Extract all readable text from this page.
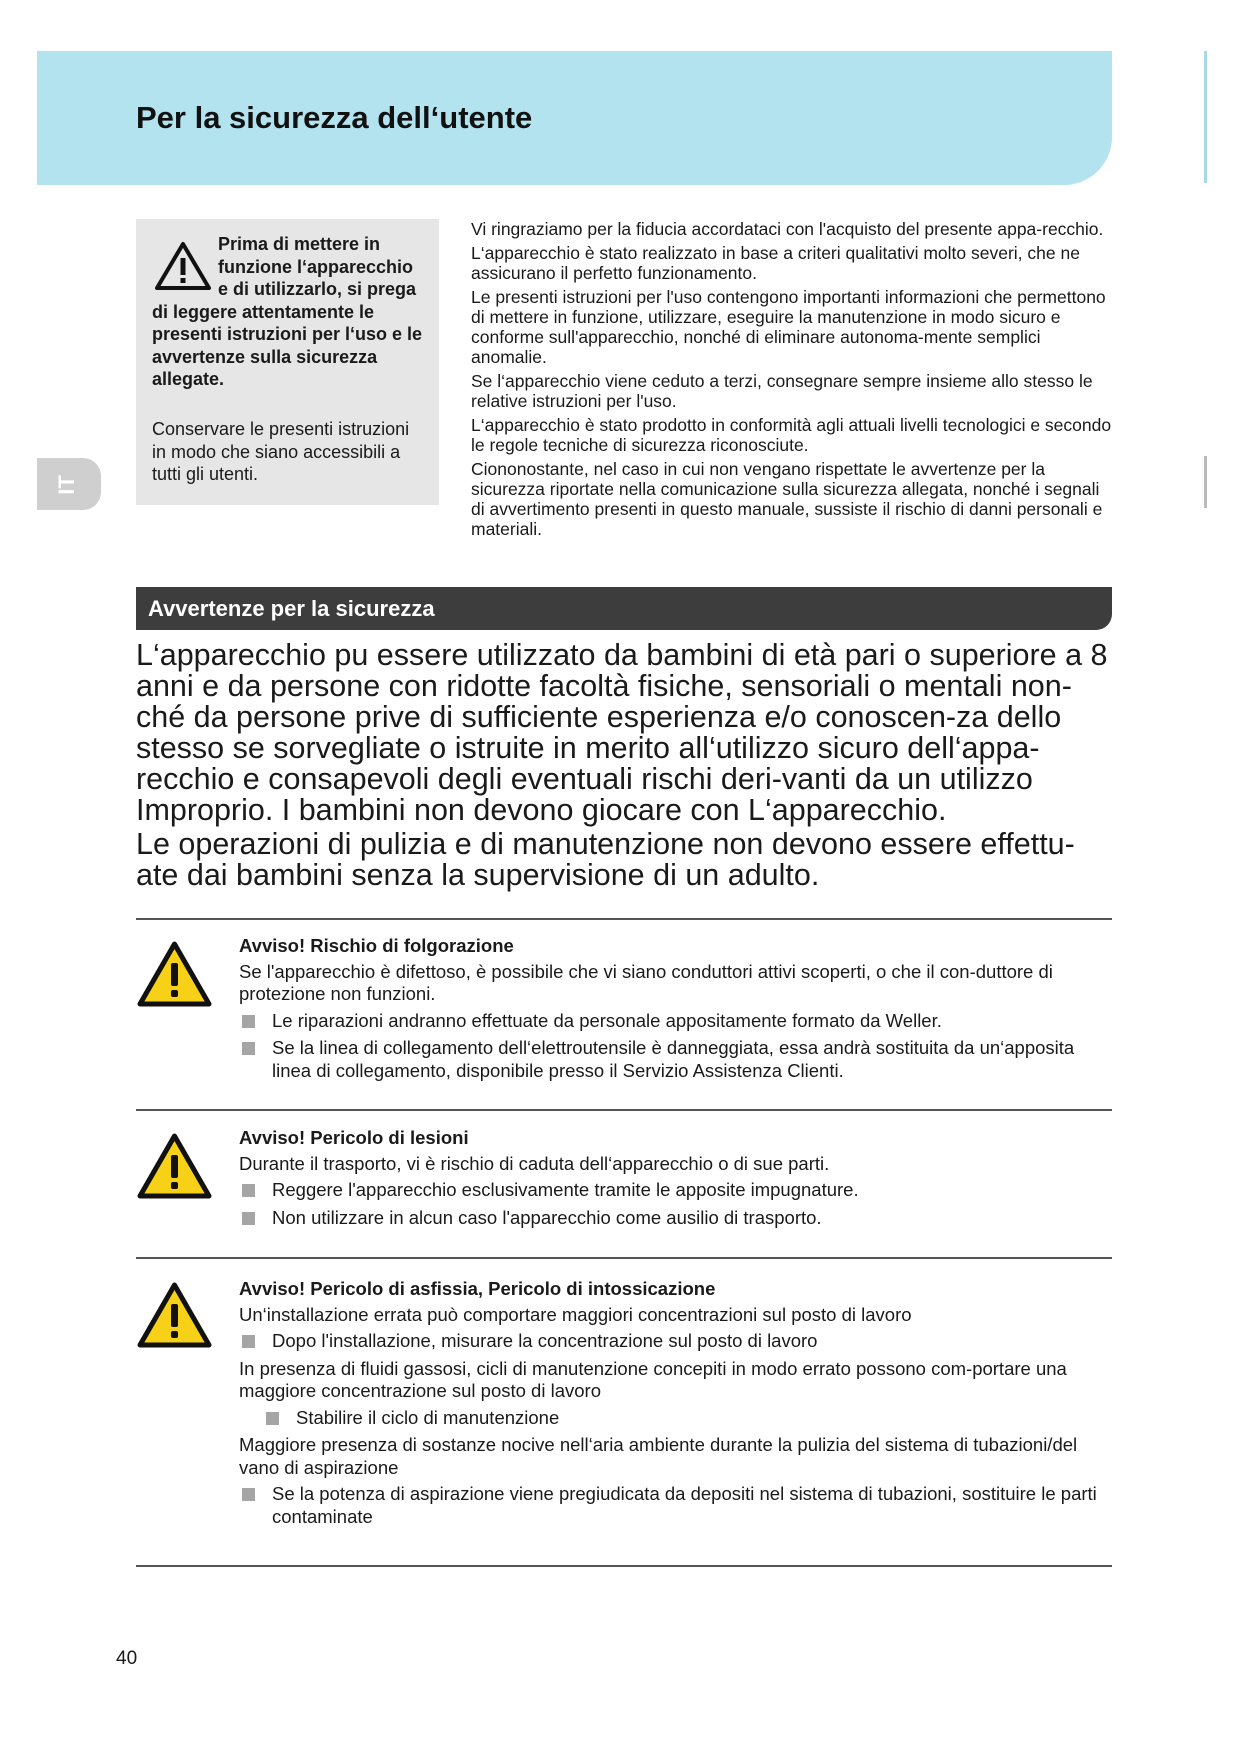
Per la sicurezza dell‘utente
IT
Prima di mettere in funzione l‘apparecchio e di utilizzarlo, si prega di leggere attentamente le presenti istruzioni per l‘uso e le avvertenze sulla sicurezza allegate.
Conservare le presenti istruzioni in modo che siano accessibili a tutti gli utenti.

Vi ringraziamo per la fiducia accordataci con l'acquisto del presente appa-recchio.

L‘apparecchio è stato realizzato in base a criteri qualitativi molto severi, che ne assicurano il perfetto funzionamento.

Le presenti istruzioni per l'uso contengono importanti informazioni che permettono di mettere in funzione, utilizzare, eseguire la manutenzione in modo sicuro e conforme sull'apparecchio, nonché di eliminare autonoma-mente semplici anomalie.

Se l‘apparecchio viene ceduto a terzi, consegnare sempre insieme allo stesso le relative istruzioni per l'uso.

L‘apparecchio è stato prodotto in conformità agli attuali livelli tecnologici e secondo le regole tecniche di sicurezza riconosciute.

Ciononostante, nel caso in cui non vengano rispettate le avvertenze per la sicurezza riportate nella comunicazione sulla sicurezza allegata, nonché i segnali di avvertimento presenti in questo manuale, sussiste il rischio di danni personali e materiali.

Avvertenze per la sicurezza

L‘apparecchio pu essere utilizzato da bambini di età pari o superiore a 8 anni e da persone con ridotte facoltà fisiche, sensoriali o mentali non-ché da persone prive di sufficiente esperienza e/o conoscen-za dello stesso se sorvegliate o istruite in merito all‘utilizzo sicuro dell‘appa-recchio e consapevoli degli eventuali rischi deri-vanti da un utilizzo Improprio. I bambini non devono giocare con L‘apparecchio.

Le operazioni di pulizia e di manutenzione non devono essere effettu-ate dai bambini senza la supervisione di un adulto.

Avviso! Rischio di folgorazione
Se l'apparecchio è difettoso, è possibile che vi siano conduttori attivi scoperti, o che il con-duttore di protezione non funzioni.
Le riparazioni andranno effettuate da personale appositamente formato da Weller.
Se la linea di collegamento dell‘elettroutensile è danneggiata, essa andrà sostituita da un‘apposita linea di collegamento, disponibile presso il Servizio Assistenza Clienti.
Avviso! Pericolo di lesioni
Durante il trasporto, vi è rischio di caduta dell‘apparecchio o di sue parti.
Reggere l'apparecchio esclusivamente tramite le apposite impugnature.
Non utilizzare in alcun caso l'apparecchio come ausilio di trasporto.
Avviso! Pericolo di asfissia, Pericolo di intossicazione
Un‘installazione errata può comportare maggiori concentrazioni sul posto di lavoro
Dopo l'installazione, misurare la concentrazione sul posto di lavoro
In presenza di fluidi gassosi, cicli di manutenzione concepiti in modo errato possono com-portare una maggiore concentrazione sul posto di lavoro
Stabilire il ciclo di manutenzione
Maggiore presenza di sostanze nocive nell‘aria ambiente durante la pulizia del sistema di tubazioni/del vano di aspirazione
Se la potenza di aspirazione viene pregiudicata da depositi nel sistema di tubazioni, sostituire le parti contaminate
40
